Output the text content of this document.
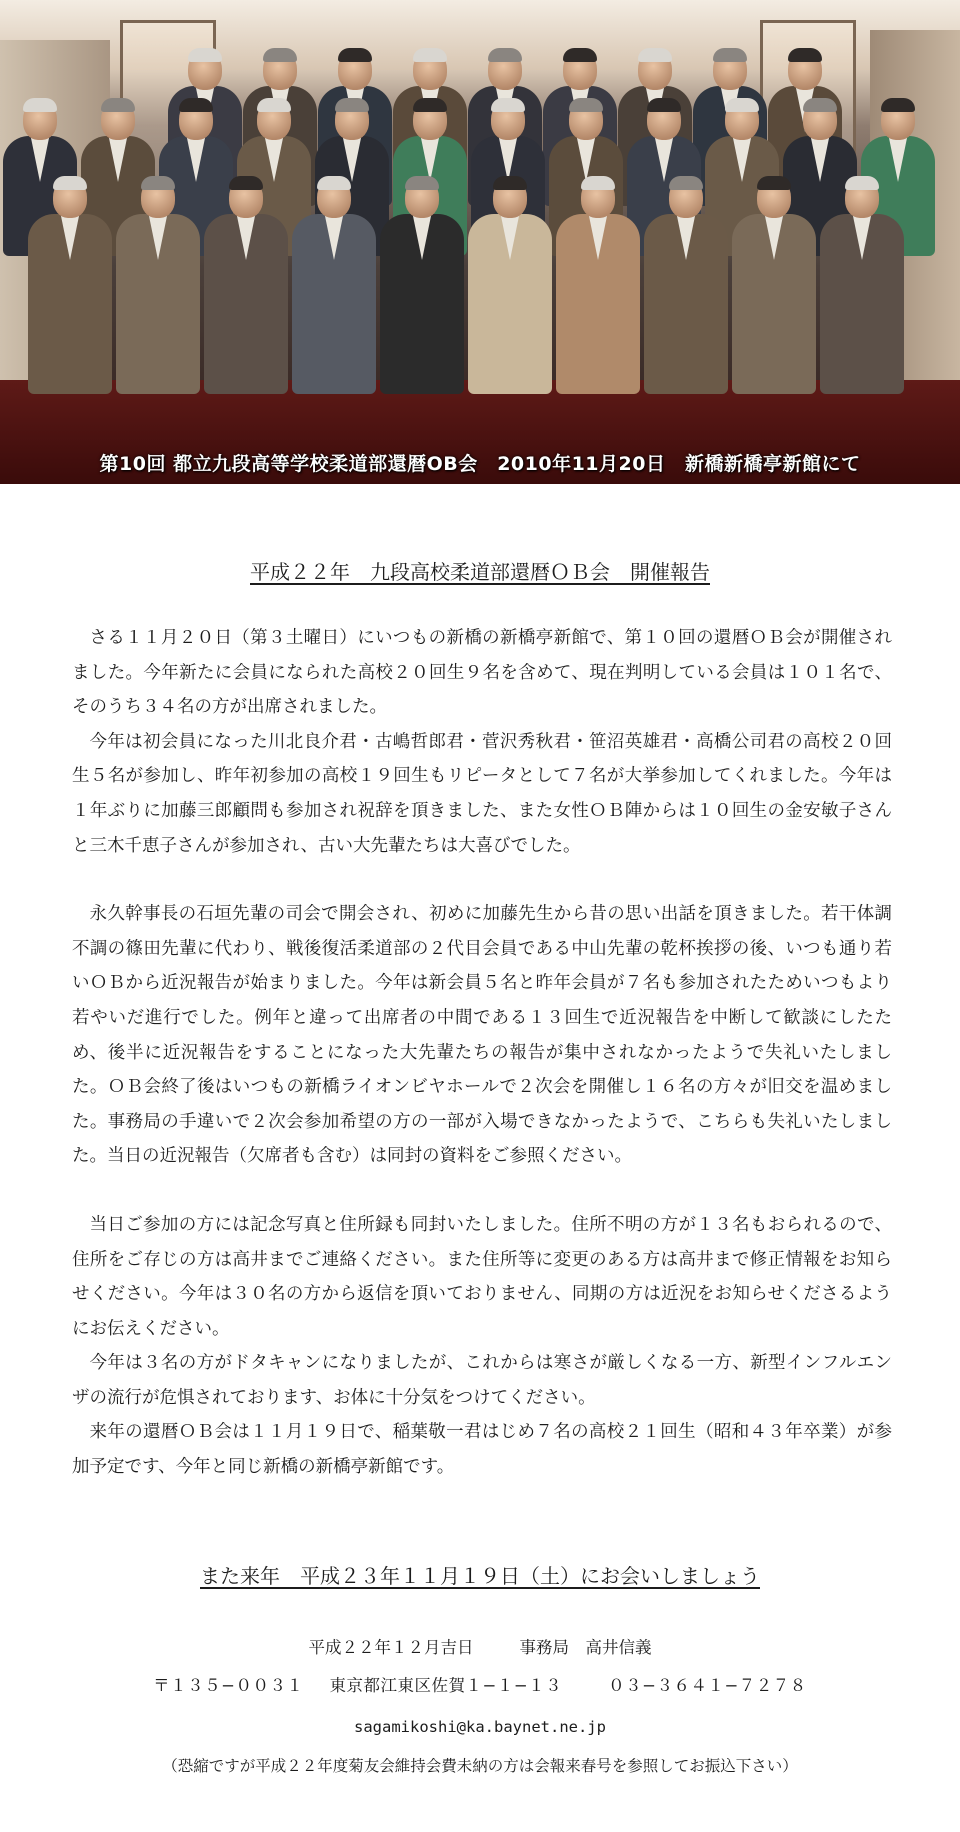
第10回 都立九段高等学校柔道部還暦OB会　2010年11月20日　新橋新橋亭新館にて
平成２２年　九段高校柔道部還暦ＯＢ会　開催報告

さる１１月２０日（第３土曜日）にいつもの新橋の新橋亭新館で、第１０回の還暦ＯＢ会が開催されました。今年新たに会員になられた高校２０回生９名を含めて、現在判明している会員は１０１名で、そのうち３４名の方が出席されました。

今年は初会員になった川北良介君・古嶋哲郎君・菅沢秀秋君・笹沼英雄君・高橋公司君の高校２０回生５名が参加し、昨年初参加の高校１９回生もリピータとして７名が大挙参加してくれました。今年は１年ぶりに加藤三郎顧問も参加され祝辞を頂きました、また女性ＯＢ陣からは１０回生の金安敏子さんと三木千恵子さんが参加され、古い大先輩たちは大喜びでした。

永久幹事長の石垣先輩の司会で開会され、初めに加藤先生から昔の思い出話を頂きました。若干体調不調の篠田先輩に代わり、戦後復活柔道部の２代目会員である中山先輩の乾杯挨拶の後、いつも通り若いＯＢから近況報告が始まりました。今年は新会員５名と昨年会員が７名も参加されたためいつもより若やいだ進行でした。例年と違って出席者の中間である１３回生で近況報告を中断して歓談にしたため、後半に近況報告をすることになった大先輩たちの報告が集中されなかったようで失礼いたしました。ＯＢ会終了後はいつもの新橋ライオンビヤホールで２次会を開催し１６名の方々が旧交を温めました。事務局の手違いで２次会参加希望の方の一部が入場できなかったようで、こちらも失礼いたしました。当日の近況報告（欠席者も含む）は同封の資料をご参照ください。

当日ご参加の方には記念写真と住所録も同封いたしました。住所不明の方が１３名もおられるので、住所をご存じの方は高井までご連絡ください。また住所等に変更のある方は高井まで修正情報をお知らせください。今年は３０名の方から返信を頂いておりません、同期の方は近況をお知らせくださるようにお伝えください。

今年は３名の方がドタキャンになりましたが、これからは寒さが厳しくなる一方、新型インフルエンザの流行が危惧されております、お体に十分気をつけてください。

来年の還暦ＯＢ会は１１月１９日で、稲葉敬一君はじめ７名の高校２１回生（昭和４３年卒業）が参加予定です、今年と同じ新橋の新橋亭新館です。

また来年　平成２３年１１月１９日（土）にお会いしましょう
平成２２年１２月吉日	事務局　高井信義
〒１３５−００３１ 東京都江東区佐賀１−１−１３	０３−３６４１−７２７８
sagamikoshi@ka.baynet.ne.jp
（恐縮ですが平成２２年度菊友会維持会費未納の方は会報来春号を参照してお振込下さい）
